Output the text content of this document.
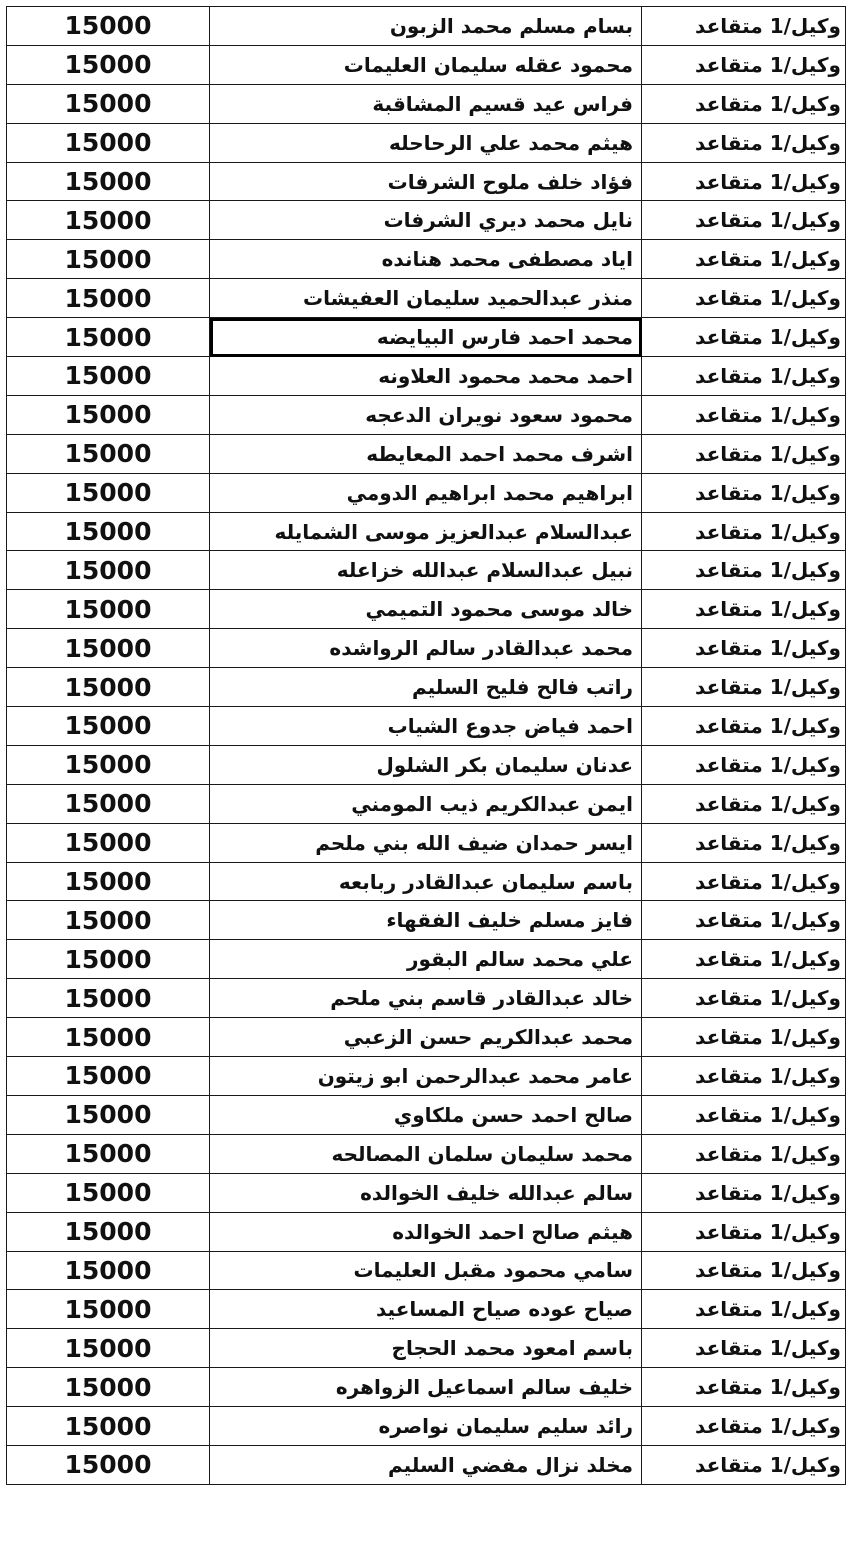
15000	بسام مسلم محمد الزبون	وكيل/1 متقاعد
15000	محمود عقله سليمان العليمات	وكيل/1 متقاعد
15000	فراس عيد قسيم المشاقبة	وكيل/1 متقاعد
15000	هيثم محمد علي الرحاحله	وكيل/1 متقاعد
15000	فؤاد خلف ملوح الشرفات	وكيل/1 متقاعد
15000	نايل محمد ديري الشرفات	وكيل/1 متقاعد
15000	اياد مصطفى محمد هنانده	وكيل/1 متقاعد
15000	منذر عبدالحميد سليمان العفيشات	وكيل/1 متقاعد
15000	محمد احمد فارس البيايضه	وكيل/1 متقاعد
15000	احمد محمد محمود العلاونه	وكيل/1 متقاعد
15000	محمود سعود نويران الدعجه	وكيل/1 متقاعد
15000	اشرف محمد احمد المعايطه	وكيل/1 متقاعد
15000	ابراهيم محمد ابراهيم الدومي	وكيل/1 متقاعد
15000	عبدالسلام عبدالعزيز موسى الشمايله	وكيل/1 متقاعد
15000	نبيل عبدالسلام عبدالله خزاعله	وكيل/1 متقاعد
15000	خالد موسى محمود التميمي	وكيل/1 متقاعد
15000	محمد عبدالقادر سالم الرواشده	وكيل/1 متقاعد
15000	راتب فالح فليح السليم	وكيل/1 متقاعد
15000	احمد فياض جدوع الشياب	وكيل/1 متقاعد
15000	عدنان سليمان بكر الشلول	وكيل/1 متقاعد
15000	ايمن عبدالكريم ذيب المومني	وكيل/1 متقاعد
15000	ايسر حمدان ضيف الله بني ملحم	وكيل/1 متقاعد
15000	باسم سليمان عبدالقادر ربابعه	وكيل/1 متقاعد
15000	فايز مسلم خليف الفقهاء	وكيل/1 متقاعد
15000	علي محمد سالم البقور	وكيل/1 متقاعد
15000	خالد عبدالقادر قاسم بني ملحم	وكيل/1 متقاعد
15000	محمد عبدالكريم حسن الزعبي	وكيل/1 متقاعد
15000	عامر محمد عبدالرحمن ابو زيتون	وكيل/1 متقاعد
15000	صالح احمد حسن ملكاوي	وكيل/1 متقاعد
15000	محمد سليمان سلمان المصالحه	وكيل/1 متقاعد
15000	سالم عبدالله خليف الخوالده	وكيل/1 متقاعد
15000	هيثم صالح احمد الخوالده	وكيل/1 متقاعد
15000	سامي محمود مقبل العليمات	وكيل/1 متقاعد
15000	صياح عوده صياح المساعيد	وكيل/1 متقاعد
15000	باسم امعود محمد الحجاج	وكيل/1 متقاعد
15000	خليف سالم اسماعيل الزواهره	وكيل/1 متقاعد
15000	رائد سليم سليمان نواصره	وكيل/1 متقاعد
15000	مخلد نزال مفضي السليم	وكيل/1 متقاعد
